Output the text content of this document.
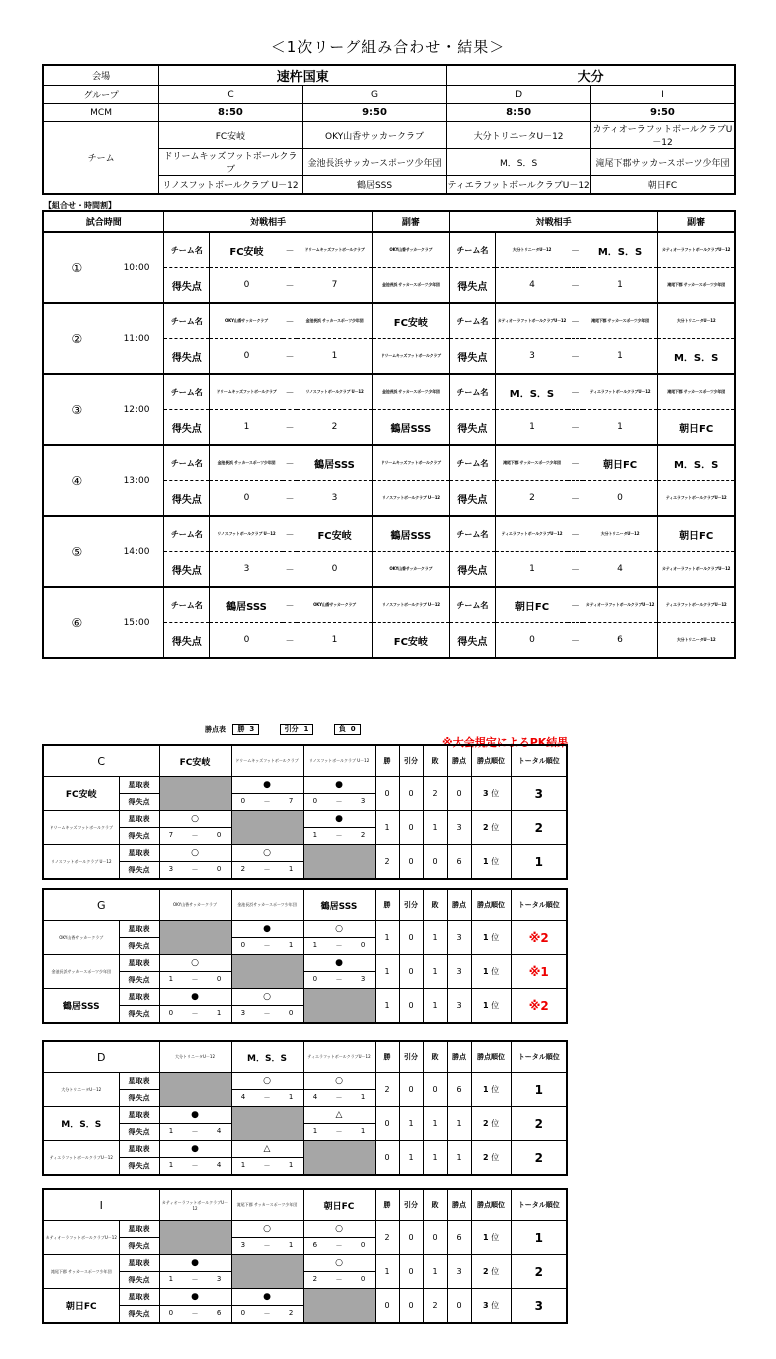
＜1次リーグ組み合わせ・結果＞
会場	速杵国東		大分	
グループ	C	G	D	I
MCM	8:50	9:50	8:50	9:50
チーム	FC安岐	OKY山香サッカークラブ	大分トリニータU－12	カティオーラフットボールクラブU－12
	ドリームキッズフットボールクラブ	金池長浜サッカースポーツ少年団	M．S．S	滝尾下郡サッカースポーツ少年団
	リノスフットボールクラブ U－12	鶴居SSS	ティエラフットボールクラブU－12	朝日FC
【組合せ・時間割】
試合時間		対戦相手				副審	対戦相手				副審
①	10:00	チーム名	FC安岐	－	ドリームキッズフットボールクラブ	OKY山香サッカークラブ	チーム名	大分トリニータU－12	－	M．S．S	カティオーラフットボールクラブU－12
		得失点	0	－	7	金池長浜 サッカースポーツ少年団	得失点	4	－	1	滝尾下郡 サッカースポーツ少年団
②	11:00	チーム名	OKY山香サッカークラブ	－	金池長浜 サッカースポーツ少年団	FC安岐	チーム名	カティオーラフットボールクラブU－12	－	滝尾下郡 サッカースポーツ少年団	大分トリニータU－12
		得失点	0	－	1	ドリームキッズフットボールクラブ	得失点	3	－	1	M．S．S
③	12:00	チーム名	ドリームキッズフットボールクラブ	－	リノスフットボールクラブ U－12	金池長浜 サッカースポーツ少年団	チーム名	M．S．S	－	ティエラフットボールクラブU－12	滝尾下郡 サッカースポーツ少年団
		得失点	1	－	2	鶴居SSS	得失点	1	－	1	朝日FC
④	13:00	チーム名	金池長浜 サッカースポーツ少年団	－	鶴居SSS	ドリームキッズフットボールクラブ	チーム名	滝尾下郡 サッカースポーツ少年団	－	朝日FC	M．S．S
		得失点	0	－	3	リノスフットボールクラブ U－12	得失点	2	－	0	ティエラフットボールクラブU－12
⑤	14:00	チーム名	リノスフットボールクラブ U－12	－	FC安岐	鶴居SSS	チーム名	ティエラフットボールクラブU－12	－	大分トリニータU－12	朝日FC
		得失点	3	－	0	OKY山香サッカークラブ	得失点	1	－	4	カティオーラフットボールクラブU－12
⑥	15:00	チーム名	鶴居SSS	－	OKY山香サッカークラブ	リノスフットボールクラブ U－12	チーム名	朝日FC	－	カティオーラフットボールクラブU－12	ティエラフットボールクラブU－12
		得失点	0	－	1	FC安岐	得失点	0	－	6	大分トリニータU－12
勝点表 勝 3	引分 1	負 0
※大会規定によるPK結果
C		FC安岐	ドリームキッズフットボールクラブ	リノスフットボールクラブ U－12	勝	引分	敗	勝点	勝点順位	トータル順位
FC安岐	星取表		●	●	0	0	2	0	3 位	3
	得失点		0 － 7	0 － 3						

ドリームキッズフットボールクラブ	星取表	○		●	1	0	1	3	2 位	2
	得失点	7 － 0		1 － 2						

リノスフットボールクラブ U－12	星取表	○	○		2	0	0	6	1 位	1
	得失点	3 － 0	2 － 1							
G		OKY山香サッカークラブ	金池長浜サッカースポーツ少年団	鶴居SSS	勝	引分	敗	勝点	勝点順位	トータル順位
OKY山香サッカークラブ	星取表		●	○	1	0	1	3	1 位	※2
	得失点		0 － 1	1 － 0						

金池長浜サッカースポーツ少年団	星取表	○		●	1	0	1	3	1 位	※1
	得失点	1 － 0		0 － 3						

鶴居SSS	星取表	●	○		1	0	1	3	1 位	※2
	得失点	0 － 1	3 － 0							
D		大分トリニータU－12	M．S．S	ティエラフットボールクラブU－12	勝	引分	敗	勝点	勝点順位	トータル順位
大分トリニータU－12	星取表		○	○	2	0	0	6	1 位	1
	得失点		4 － 1	4 － 1						

M．S．S	星取表	●		△	0	1	1	1	2 位	2
	得失点	1 － 4		1 － 1						

ティエラフットボールクラブU－12	星取表	●	△		0	1	1	1	2 位	2
	得失点	1 － 4	1 － 1							
I		カティオーラフットボールクラブU－12	滝尾下郡 サッカースポーツ少年団	朝日FC	勝	引分	敗	勝点	勝点順位	トータル順位
カティオーラフットボールクラブU－12	星取表		○	○	2	0	0	6	1 位	1
	得失点		3 － 1	6 － 0						

滝尾下郡 サッカースポーツ少年団	星取表	●		○	1	0	1	3	2 位	2
	得失点	1 － 3		2 － 0						

朝日FC	星取表	●	●		0	0	2	0	3 位	3
	得失点	0 － 6	0 － 2							
